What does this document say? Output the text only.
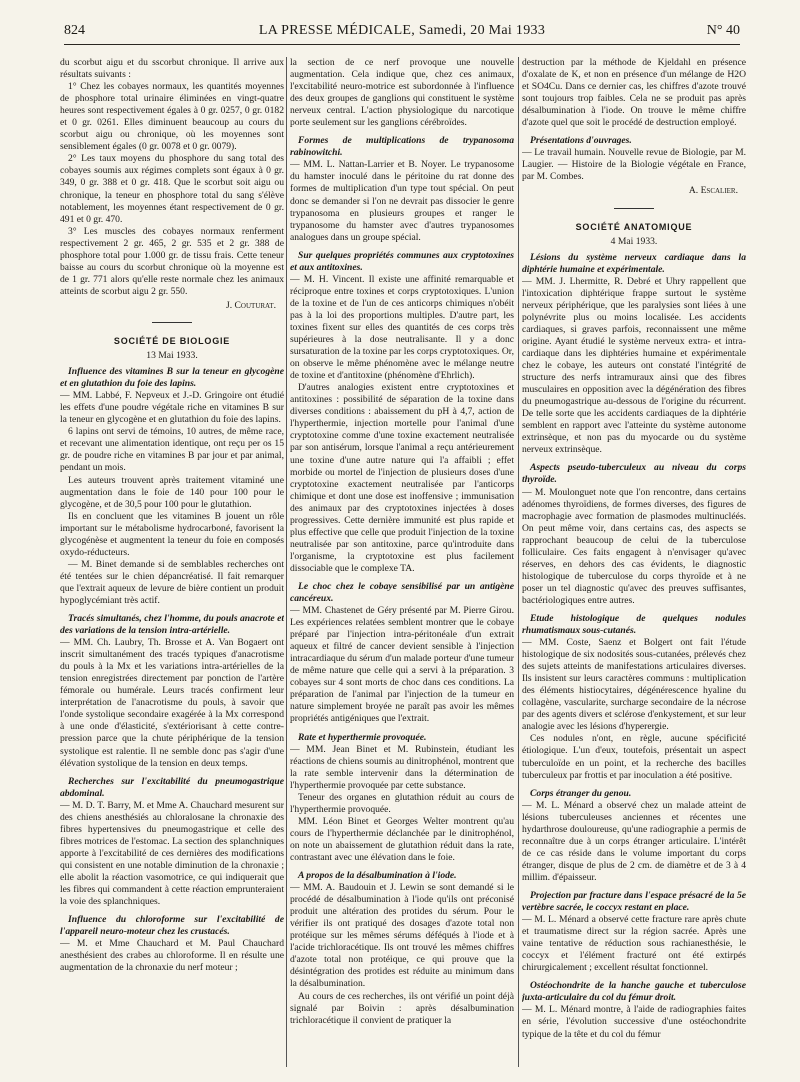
824	LA PRESSE MÉDICALE, Samedi, 20 Mai 1933	N° 40

du scorbut aigu et du sscorbut chronique. Il arrive aux résultats suivants :

1° Chez les cobayes normaux, les quantités moyennes de phosphore total urinaire éliminées en vingt-quatre heures sont respectivement égales à 0 gr. 0257, 0 gr. 0182 et 0 gr. 0261. Elles diminuent beaucoup au cours du scorbut aigu ou chronique, où les moyennes sont sensiblement égales (0 gr. 0078 et 0 gr. 0079).

2° Les taux moyens du phosphore du sang total des cobayes soumis aux régimes complets sont égaux à 0 gr. 349, 0 gr. 388 et 0 gr. 418. Que le scorbut soit aigu ou chronique, la teneur en phosphore total du sang s'élève notablement, les moyennes étant respectivement de 0 gr. 491 et 0 gr. 470.

3° Les muscles des cobayes normaux renferment respectivement 2 gr. 465, 2 gr. 535 et 2 gr. 388 de phosphore total pour 1.000 gr. de tissu frais. Cette teneur baisse au cours du scorbut chronique où la moyenne est de 1 gr. 771 alors qu'elle reste normale chez les animaux atteints de scorbut aigu 2 gr. 550.

J. Couturat.
SOCIÉTÉ DE BIOLOGIE
13 Mai 1933.

Influence des vitamines B sur la teneur en glycogène et en glutathion du foie des lapins.

— MM. Labbé, F. Nepveux et J.-D. Gringoire ont étudié les effets d'une poudre végétale riche en vitamines B sur la teneur en glycogène et en glutathion du foie des lapins.

6 lapins ont servi de témoins, 10 autres, de même race, et recevant une alimentation identique, ont reçu per os 15 gr. de poudre riche en vitamines B par jour et par animal, pendant un mois.

Les auteurs trouvent après traitement vitaminé une augmentation dans le foie de 140 pour 100 pour le glycogène, et de 30,5 pour 100 pour le glutathion.

Ils en concluent que les vitamines B jouent un rôle important sur le métabolisme hydrocarboné, favorisent la glycogénèse et augmentent la teneur du foie en composés oxydo-réducteurs.

— M. Binet demande si de semblables recherches ont été tentées sur le chien dépancréatisé. Il fait remarquer que l'extrait aqueux de levure de bière contient un produit hypoglycémiant très actif.

Tracés simultanés, chez l'homme, du pouls anacrote et des variations de la tension intra-artérielle.

— MM. Ch. Laubry, Th. Brosse et A. Van Bogaert ont inscrit simultanément des tracés typiques d'anacrotisme du pouls à la Mx et les variations intra-artérielles de la tension enregistrées directement par ponction de l'artère fémorale ou humérale. Leurs tracés confirment leur interprétation de l'anacrotisme du pouls, à savoir que l'onde systolique secondaire exagérée à la Mx correspond à une onde d'élasticité, s'extériorisant à cette contre-pression parce que la chute périphérique de la tension systolique est ralentie. Il ne semble donc pas s'agir d'une élévation systolique de la tension en deux temps.

Recherches sur l'excitabilité du pneumogastrique abdominal.

— M. D. T. Barry, M. et Mme A. Chauchard mesurent sur des chiens anesthésiés au chloralosane la chronaxie des fibres hypertensives du pneumogastrique et celle des fibres motrices de l'estomac. La section des splanchniques apporte à l'excitabilité de ces dernières des modifications qui consistent en une notable diminution de la chronaxie ; elle abolit la réaction vasomotrice, ce qui indiquerait que les fibres qui commandent à cette réaction emprunteraient la voie des splanchniques.

Influence du chloroforme sur l'excitabilité de l'appareil neuro-moteur chez les crustacés.

— M. et Mme Chauchard et M. Paul Chauchard anesthésient des crabes au chloroforme. Il en résulte une augmentation de la chronaxie du nerf moteur ;

la section de ce nerf provoque une nouvelle augmentation. Cela indique que, chez ces animaux, l'excitabilité neuro-motrice est subordonnée à l'influence des deux groupes de ganglions qui constituent le système nerveux central. L'action physiologique du narcotique porte seulement sur les ganglions cérébroïdes.

Formes de multiplications de trypanosoma rabinowitchi.

— MM. L. Nattan-Larrier et B. Noyer. Le trypanosome du hamster inoculé dans le péritoine du rat donne des formes de multiplication d'un type tout spécial. On peut donc se demander si l'on ne devrait pas dissocier le genre trypanosoma en plusieurs groupes et ranger le trypanosome du hamster avec d'autres trypanosomes analogues dans un groupe spécial.

Sur quelques propriétés communes aux cryptotoxines et aux antitoxines.

— M. H. Vincent. Il existe une affinité remarquable et réciproque entre toxines et corps cryptotoxiques. L'union de la toxine et de l'un de ces anticorps chimiques n'obéit pas à la loi des proportions multiples. D'autre part, les toxines fixent sur elles des quantités de ces corps très supérieures à la dose neutralisante. Il y a donc sursaturation de la toxine par les corps cryptotoxiques. Or, on observe le même phénomène avec le mélange neutre de toxine et d'antitoxine (phénomène d'Ehrlich).

D'autres analogies existent entre cryptotoxines et antitoxines : possibilité de séparation de la toxine dans diverses conditions : abaissement du pH à 4,7, action de l'hyperthermie, injection mortelle pour l'animal d'une cryptotoxine comme d'une toxine exactement neutralisée par son antisérum, lorsque l'animal a reçu antérieurement une toxine d'une autre nature qui l'a affaibli ; effet morbide ou mortel de l'injection de plusieurs doses d'une cryptotoxine exactement neutralisée par l'anticorps chimique et dont une dose est inoffensive ; immunisation des animaux par des cryptotoxines injectées à doses progressives. Cette dernière immunité est plus rapide et plus effective que celle que produit l'injection de la toxine neutralisée par son antitoxine, parce qu'introduite dans l'organisme, la cryptotoxine est plus facilement dissociable que le complexe TA.

Le choc chez le cobaye sensibilisé par un antigène cancéreux.

— MM. Chastenet de Géry présenté par M. Pierre Girou. Les expériences relatées semblent montrer que le cobaye préparé par l'injection intra-péritonéale d'un extrait aqueux et filtré de cancer devient sensible à l'injection intracardiaque du sérum d'un malade porteur d'une tumeur de même nature que celle qui a servi à la préparation. 3 cobayes sur 4 sont morts de choc dans ces conditions. La préparation de l'animal par l'injection de la tumeur en nature simplement broyée ne paraît pas avoir les mêmes propriétés antigéniques que l'extrait.

Rate et hyperthermie provoquée.

— MM. Jean Binet et M. Rubinstein, étudiant les réactions de chiens soumis au dinitrophénol, montrent que la rate semble intervenir dans la détermination de l'hyperthermie provoquée par cette substance.

Teneur des organes en glutathion réduit au cours de l'hyperthermie provoquée.

MM. Léon Binet et Georges Welter montrent qu'au cours de l'hyperthermie déclanchée par le dinitrophénol, on note un abaissement de glutathion réduit dans la rate, contrastant avec une élévation dans le foie.

A propos de la désalbumination à l'iode.

— MM. A. Baudouin et J. Lewin se sont demandé si le procédé de désalbumination à l'iode qu'ils ont préconisé produit une altération des protides du sérum. Pour le vérifier ils ont pratiqué des dosages d'azote total non protéique sur les mêmes sérums déféqués à l'iode et à l'acide trichloracétique. Ils ont trouvé les mêmes chiffres d'azote total non protéique, ce qui prouve que la désintégration des protides est réduite au minimum dans la désalbumination.

Au cours de ces recherches, ils ont vérifié un point déjà signalé par Boivin : après désalbumination trichloracétique il convient de pratiquer la

destruction par la méthode de Kjeldahl en présence d'oxalate de K, et non en présence d'un mélange de H2O et SO4Cu. Dans ce dernier cas, les chiffres d'azote trouvé sont toujours trop faibles. Cela ne se produit pas après désalbumination à l'iode. On trouve le même chiffre d'azote quel que soit le procédé de destruction employé.

Présentations d'ouvrages.

— Le travail humain. Nouvelle revue de Biologie, par M. Laugier. — Histoire de la Biologie végétale en France, par M. Combes.

A. Escalier.
SOCIÉTÉ ANATOMIQUE
4 Mai 1933.

Lésions du système nerveux cardiaque dans la diphtérie humaine et expérimentale.

— MM. J. Lhermitte, R. Debré et Uhry rappellent que l'intoxication diphtérique frappe surtout le système nerveux périphérique, que les paralysies sont liées à une polynévrite plus ou moins localisée. Les accidents cardiaques, si graves parfois, reconnaissent une même origine. Ayant étudié le système nerveux extra- et intra-cardiaque dans les diphtéries humaine et expérimentale chez le cobaye, les auteurs ont constaté l'intégrité de structure des nerfs intramuraux ainsi que des fibres musculaires en opposition avec la dégénération des fibres du pneumogastrique au-dessous de l'origine du récurrent. De telle sorte que les accidents cardiaques de la diphtérie semblent en rapport avec l'atteinte du système autonome extrinsèque, et non pas du myocarde ou du système nerveux extrinsèque.

Aspects pseudo-tuberculeux au niveau du corps thyroïde.

— M. Moulonguet note que l'on rencontre, dans certains adénomes thyroïdiens, de formes diverses, des figures de macrophagie avec formation de plasmodes multinucléés. On peut même voir, dans certains cas, des aspects se rapprochant beaucoup de celui de la tuberculose folliculaire. Ces faits engagent à n'envisager qu'avec réserves, en dehors des cas évidents, le diagnostic histologique de tuberculose du corps thyroïde et à ne poser un tel diagnostic qu'avec des preuves suffisantes, bactériologiques entre autres.

Etude histologique de quelques nodules rhumatismaux sous-cutanés.

— MM. Coste, Saenz et Bolgert ont fait l'étude histologique de six nodosités sous-cutanées, prélevés chez des sujets atteints de manifestations articulaires diverses. Ils insistent sur leurs caractères communs : multiplication des éléments histiocytaires, dégénérescence hyaline du collagène, vascularite, surcharge secondaire de la nécrose par des agents divers et sclérose d'enkystement, et sur leur analogie avec les lésions d'hyperergie.

Ces nodules n'ont, en règle, aucune spécificité étiologique. L'un d'eux, toutefois, présentait un aspect tuberculoïde en un point, et la recherche des bacilles tuberculeux par frottis et par inoculation a été positive.

Corps étranger du genou.

— M. L. Ménard a observé chez un malade atteint de lésions tuberculeuses anciennes et récentes une hydarthrose douloureuse, qu'une radiographie a permis de reconnaître due à un corps étranger articulaire. L'intérêt de ce cas réside dans le volume important du corps étranger, disque de plus de 2 cm. de diamètre et de 3 à 4 millim. d'épaisseur.

Projection par fracture dans l'espace présacré de la 5e vertèbre sacrée, le coccyx restant en place.

— M. L. Ménard a observé cette fracture rare après chute et traumatisme direct sur la région sacrée. Après une vaine tentative de réduction sous rachianesthésie, le coccyx et l'élément fracturé ont été extirpés chirurgicalement ; excellent résultat fonctionnel.

Ostéochondrite de la hanche gauche et tuberculose juxta-articulaire du col du fémur droit.

— M. L. Ménard montre, à l'aide de radiographies faites en série, l'évolution successive d'une ostéochondrite typique de la tête et du col du fémur
